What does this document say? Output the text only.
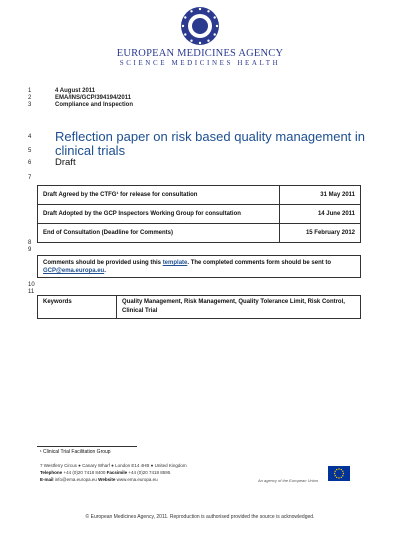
EUROPEAN MEDICINES AGENCY
SCIENCE MEDICINES HEALTH
1
2
3
4
5
6
7
8
9
10
11
4 August 2011
EMA/INS/GCP/394194/2011
Compliance and Inspection
Reflection paper on risk based quality management in clinical trials
Draft
Draft Agreed by the CTFG¹ for release for consultation	31 May 2011
Draft Adopted by the GCP Inspectors Working Group for consultation	14 June 2011
End of Consultation (Deadline for Comments)	15 February 2012
Comments should be provided using this template. The completed comments form should be sent to GCP@ema.europa.eu.
Keywords	Quality Management, Risk Management, Quality Tolerance Limit, Risk Control, Clinical Trial
¹ Clinical Trial Facilitation Group
7 Westferry Circus ● Canary Wharf ● London E14 4HB ● United Kingdom
Telephone +44 (0)20 7418 8400 Facsimile +44 (0)20 7418 8595
E-mail info@ema.europa.eu Website www.ema.europa.eu	An agency of the European Union
© European Medicines Agency, 2011. Reproduction is authorised provided the source is acknowledged.
